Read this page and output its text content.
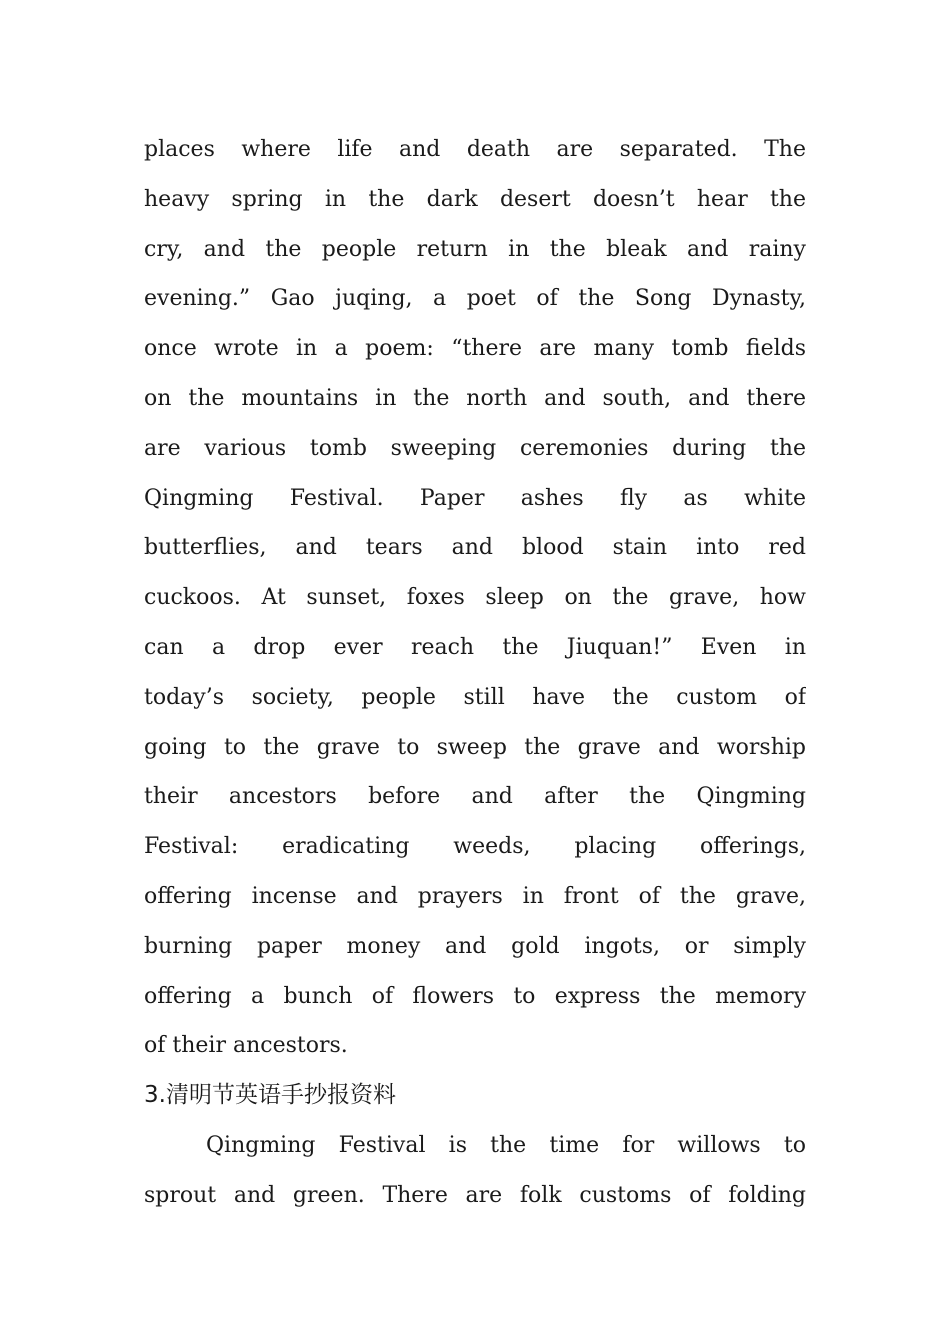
places where life and death are separated. The
heavy spring in the dark desert doesn’t hear the
cry, and the people return in the bleak and rainy
evening.” Gao juqing, a poet of the Song Dynasty,
once wrote in a poem: “there are many tomb fields
on the mountains in the north and south, and there
are various tomb sweeping ceremonies during the
Qingming Festival. Paper ashes fly as white
butterflies, and tears and blood stain into red
cuckoos. At sunset, foxes sleep on the grave, how
can a drop ever reach the Jiuquan!” Even in
today’s society, people still have the custom of
going to the grave to sweep the grave and worship
their ancestors before and after the Qingming
Festival: eradicating weeds, placing offerings,
offering incense and prayers in front of the grave,
burning paper money and gold ingots, or simply
offering a bunch of flowers to express the memory
of their ancestors.
3.清明节英语手抄报资料
Qingming Festival is the time for willows to
sprout and green. There are folk customs of folding
